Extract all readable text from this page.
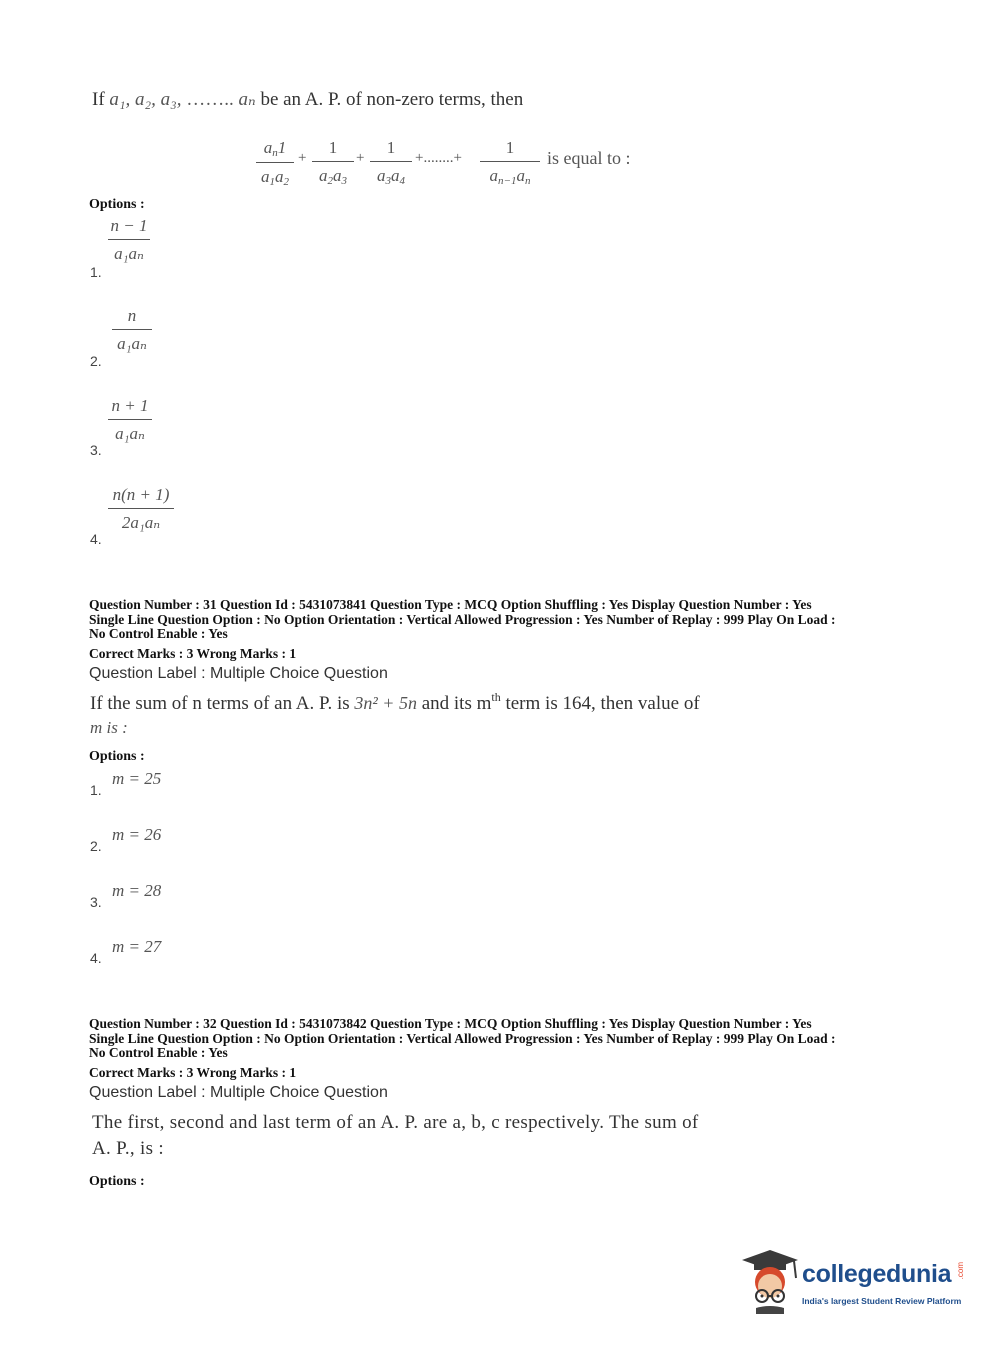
If a₁, a₂, a₃, …….. aₙ be an A. P. of non-zero terms, then
$\frac{a_n1}{a_1a_2} + \frac{1}{a_2a_3} + \frac{1}{a_3a_4}$ +........+ $\frac{1}{a_{n-1}a_n}$ is equal to :
Options :
$\frac{n - 1}{\text{a₁aₙ}}$
1.
$\frac{n}{\text{a₁aₙ}}$
2.
$\frac{n + 1}{\text{a₁aₙ}}$
3.
$\frac{n(n + 1)}{\text{2a₁aₙ}}$
4.
Question Number : 31 Question Id : 5431073841 Question Type : MCQ Option Shuffling : Yes Display Question Number : Yes
Single Line Question Option : No Option Orientation : Vertical Allowed Progression : Yes Number of Replay : 999 Play On Load :
No Control Enable : Yes
Correct Marks : 3 Wrong Marks : 1
Question Label : Multiple Choice Question
If the sum of n terms of an A. P. is 3n² + 5n and its $m^{th}$ term is 164, then value of
m is :
Options :
m = 25
1.
m = 26
2.
m = 28
3.
m = 27
4.
Question Number : 32 Question Id : 5431073842 Question Type : MCQ Option Shuffling : Yes Display Question Number : Yes
Single Line Question Option : No Option Orientation : Vertical Allowed Progression : Yes Number of Replay : 999 Play On Load :
No Control Enable : Yes
Correct Marks : 3 Wrong Marks : 1
Question Label : Multiple Choice Question
The first, second and last term of an A. P. are a, b, c respectively. The sum of
A. P., is :
Options :
collegedunia .com
India's largest Student Review Platform
